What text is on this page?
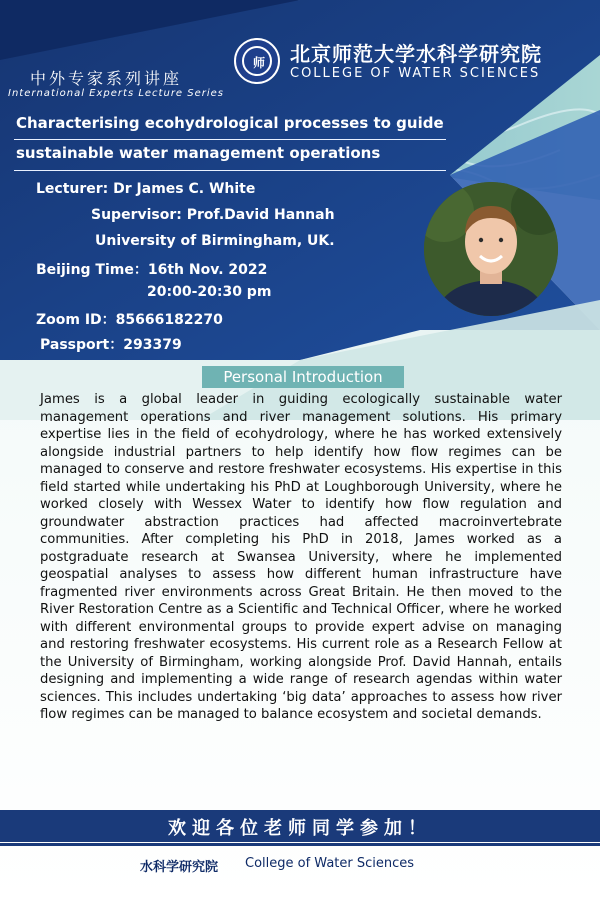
师	北京师范大学水科学研究院
COLLEGE OF WATER SCIENCES
中外专家系列讲座
International Experts Lecture Series
Characterising ecohydrological processes to guide
sustainable water management operations
Lecturer: Dr James C. White
Supervisor: Prof.David Hannah
University of Birmingham, UK.
Beijing Time：16th Nov. 2022
20:00-20:30 pm
Zoom ID：85666182270
Passport：293379
Personal Introduction
James is a global leader in guiding ecologically sustainable water management operations and river management solutions. His primary expertise lies in the field of ecohydrology, where he has worked extensively alongside industrial partners to help identify how flow regimes can be managed to conserve and restore freshwater ecosystems. His expertise in this field started while undertaking his PhD at Loughborough University, where he worked closely with Wessex Water to identify how flow regulation and groundwater abstraction practices had affected macroinvertebrate communities. After completing his PhD in 2018, James worked as a postgraduate research at Swansea University, where he implemented geospatial analyses to assess how different human infrastructure have fragmented river environments across Great Britain. He then moved to the River Restoration Centre as a Scientific and Technical Officer, where he worked with different environmental groups to provide expert advise on managing and restoring freshwater ecosystems. His current role as a Research Fellow at the University of Birmingham, working alongside Prof. David Hannah, entails designing and implementing a wide range of research agendas within water sciences. This includes undertaking ‘big data’ approaches to assess how river flow regimes can be managed to balance ecosystem and societal demands.
欢迎各位老师同学参加！
水科学研究院 College of Water Sciences
